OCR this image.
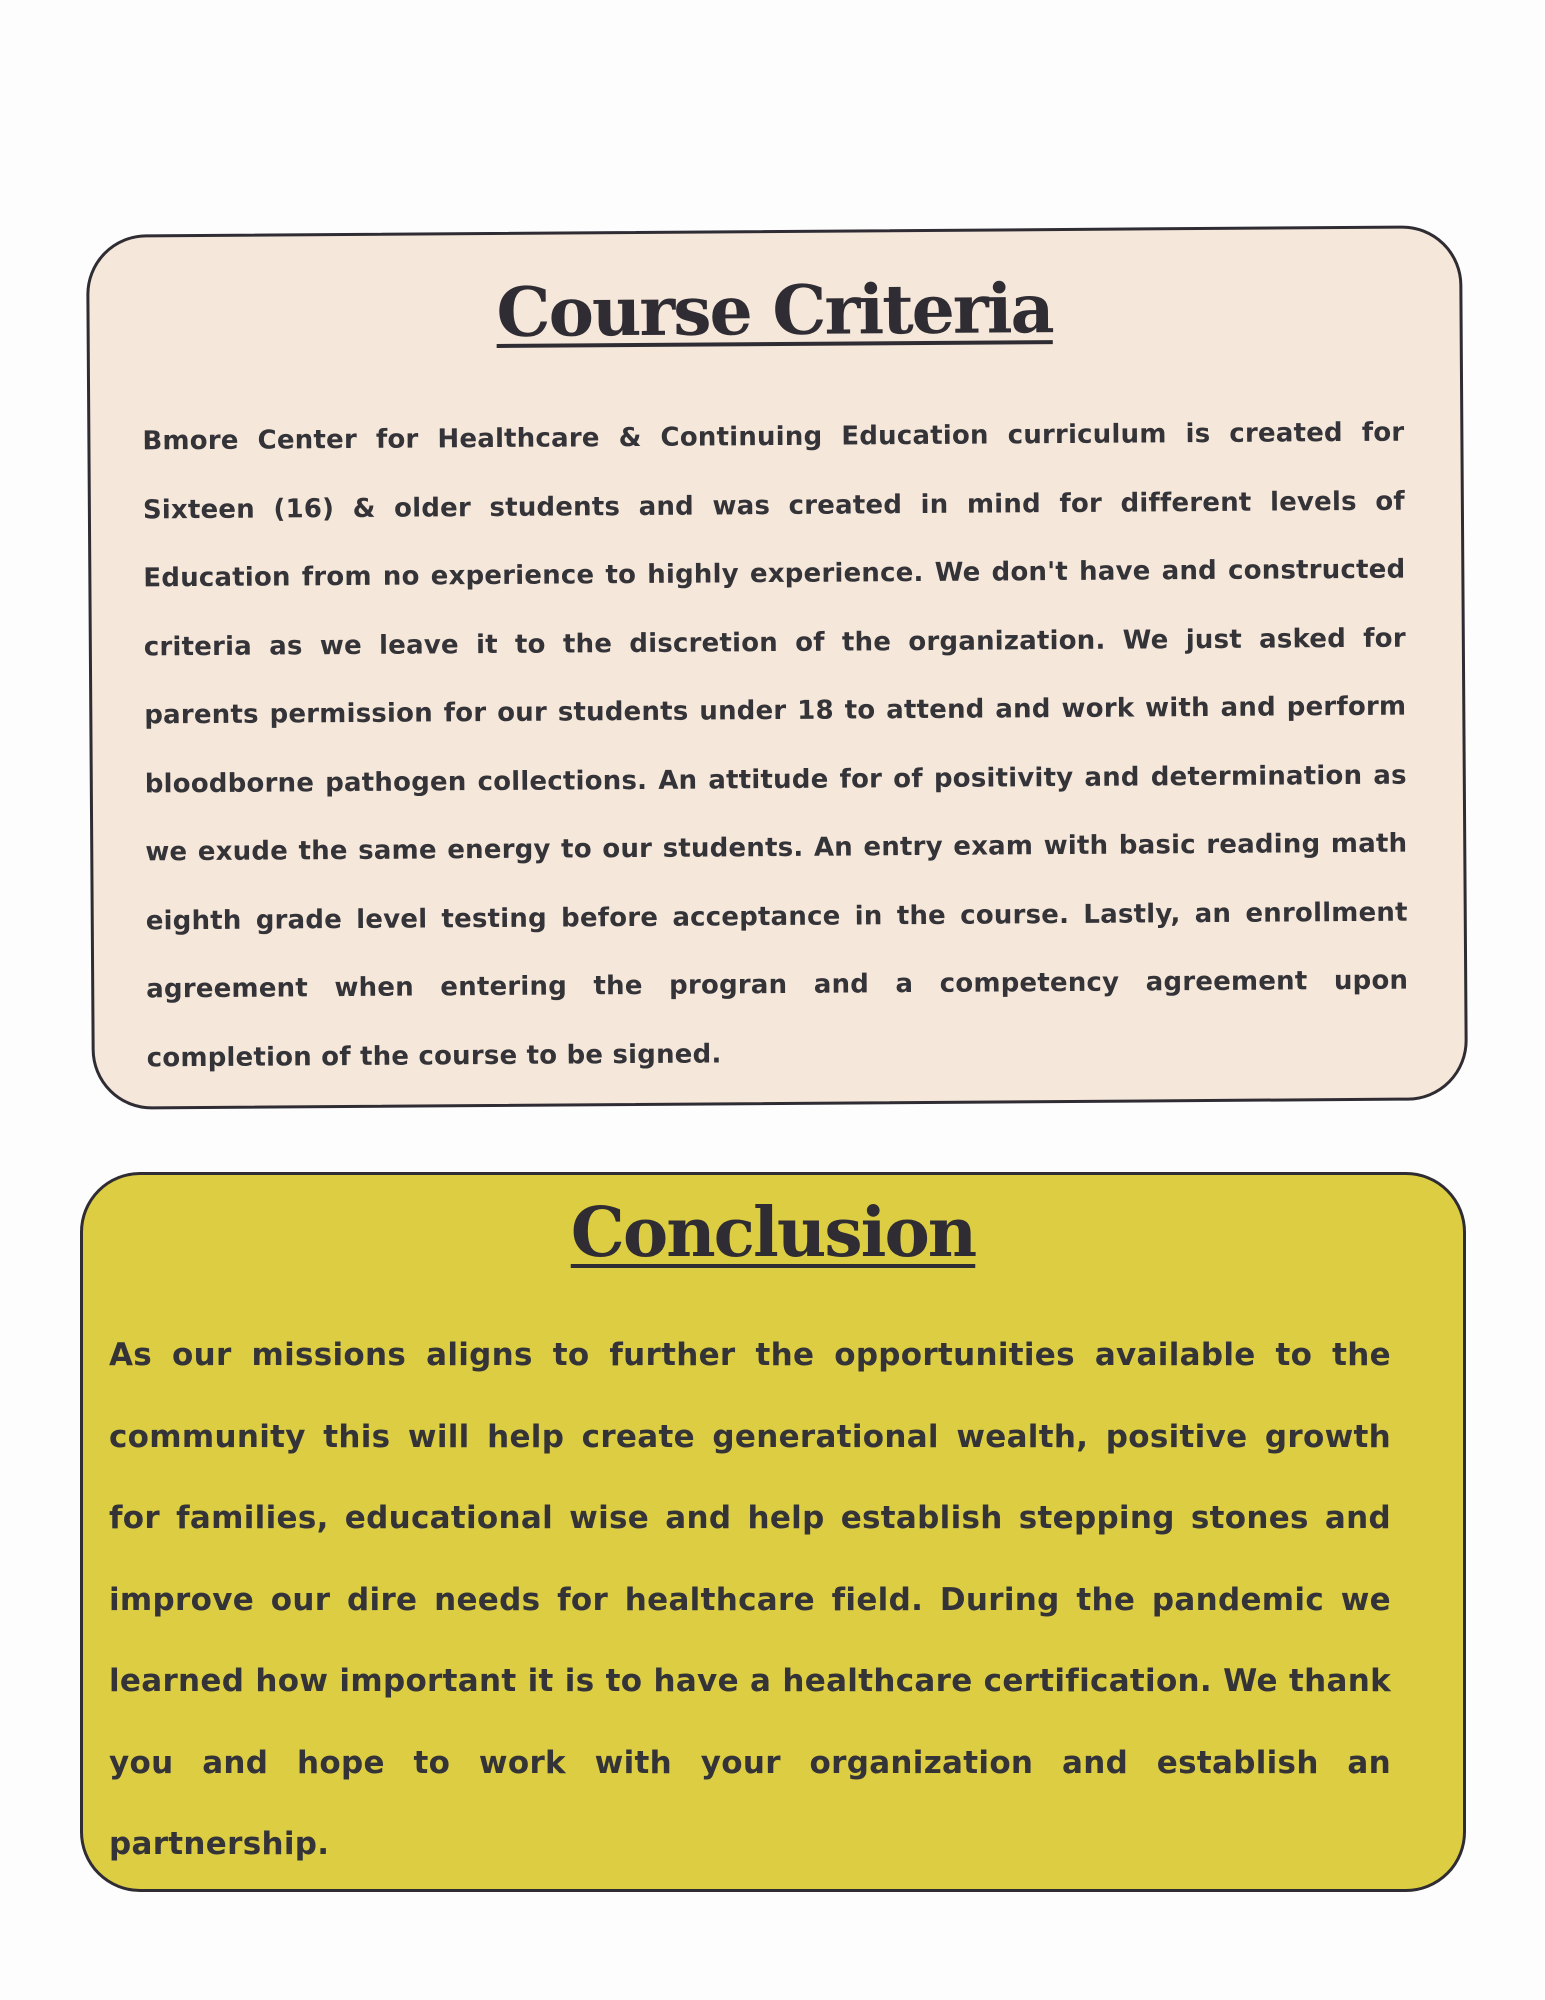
Course Criteria

Bmore Center for Healthcare & Continuing Education curriculum is created for Sixteen (16) & older students and was created in mind for different levels of Education from no experience to highly experience. We don't have and constructed criteria as we leave it to the discretion of the organization. We just asked for parents permission for our students under 18 to attend and work with and perform bloodborne pathogen collections. An attitude for of positivity and determination as we exude the same energy to our students. An entry exam with basic reading math eighth grade level testing before acceptance in the course. Lastly, an enrollment agreement when entering the progran and a competency agreement upon completion of the course to be signed.

Conclusion

As our missions aligns to further the opportunities available to the community this will help create generational wealth, positive growth for families, educational wise and help establish stepping stones and improve our dire needs for healthcare field. During the pandemic we learned how important it is to have a healthcare certification. We thank you and hope to work with your organization and establish an partnership.
